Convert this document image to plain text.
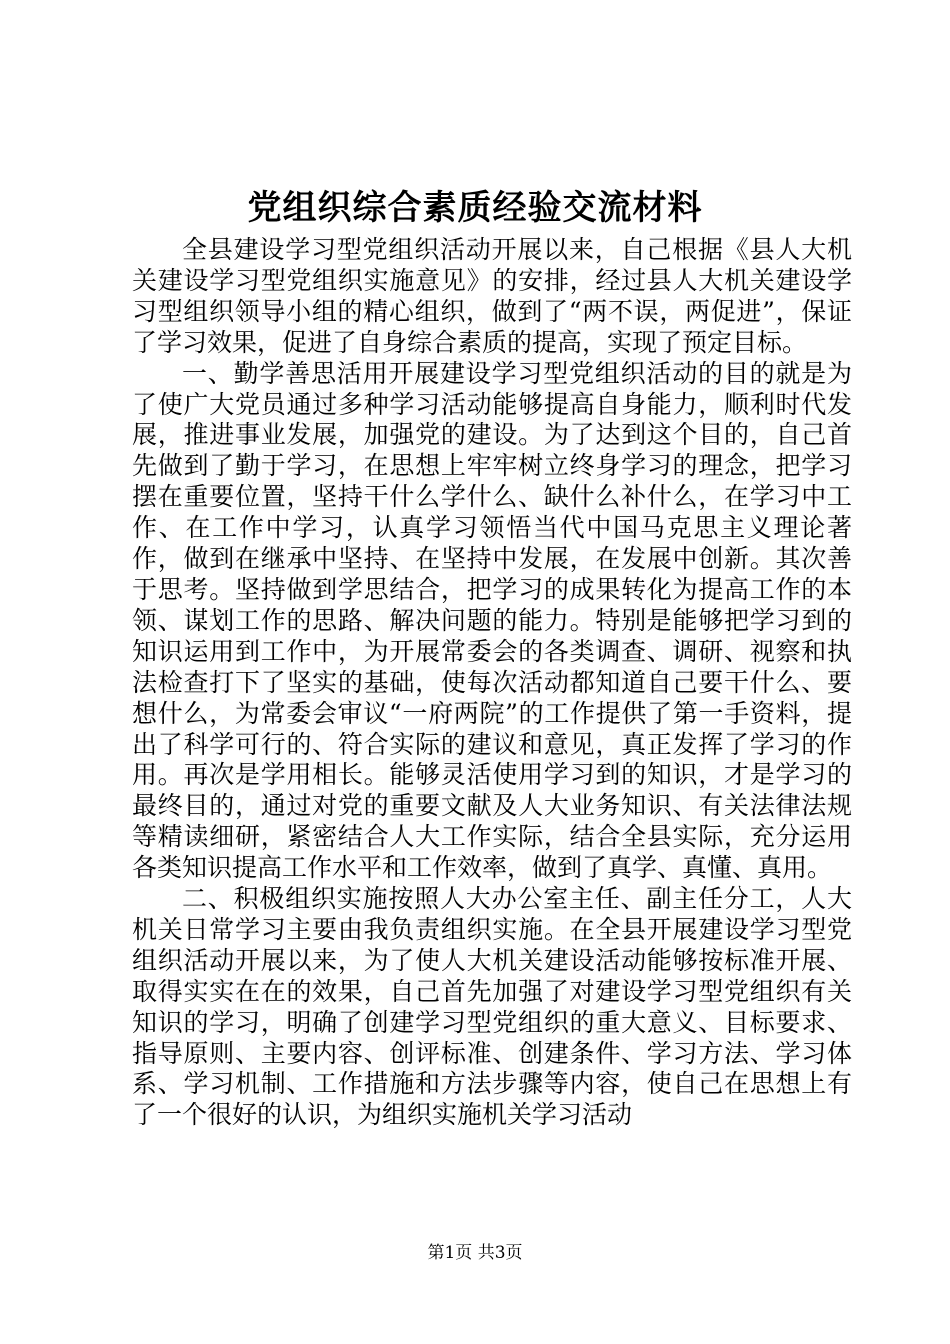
党组织综合素质经验交流材料

全县建设学习型党组织活动开展以来，自己根据《县人大机关建设学习型党组织实施意见》的安排，经过县人大机关建设学习型组织领导小组的精心组织，做到了“两不误，两促进”，保证了学习效果，促进了自身综合素质的提高，实现了预定目标。

一、勤学善思活用开展建设学习型党组织活动的目的就是为了使广大党员通过多种学习活动能够提高自身能力，顺利时代发展，推进事业发展，加强党的建设。为了达到这个目的，自己首先做到了勤于学习，在思想上牢牢树立终身学习的理念，把学习摆在重要位置，坚持干什么学什么、缺什么补什么，在学习中工作、在工作中学习，认真学习领悟当代中国马克思主义理论著作，做到在继承中坚持、在坚持中发展，在发展中创新。其次善于思考。坚持做到学思结合，把学习的成果转化为提高工作的本领、谋划工作的思路、解决问题的能力。特别是能够把学习到的知识运用到工作中，为开展常委会的各类调查、调研、视察和执法检查打下了坚实的基础，使每次活动都知道自己要干什么、要想什么，为常委会审议“一府两院”的工作提供了第一手资料，提出了科学可行的、符合实际的建议和意见，真正发挥了学习的作用。再次是学用相长。能够灵活使用学习到的知识，才是学习的最终目的，通过对党的重要文献及人大业务知识、有关法律法规等精读细研，紧密结合人大工作实际，结合全县实际，充分运用各类知识提高工作水平和工作效率，做到了真学、真懂、真用。

二、积极组织实施按照人大办公室主任、副主任分工，人大机关日常学习主要由我负责组织实施。在全县开展建设学习型党组织活动开展以来，为了使人大机关建设活动能够按标准开展、取得实实在在的效果，自己首先加强了对建设学习型党组织有关知识的学习，明确了创建学习型党组织的重大意义、目标要求、指导原则、主要内容、创评标准、创建条件、学习方法、学习体系、学习机制、工作措施和方法步骤等内容，使自己在思想上有了一个很好的认识，为组织实施机关学习活动

第1页 共3页
